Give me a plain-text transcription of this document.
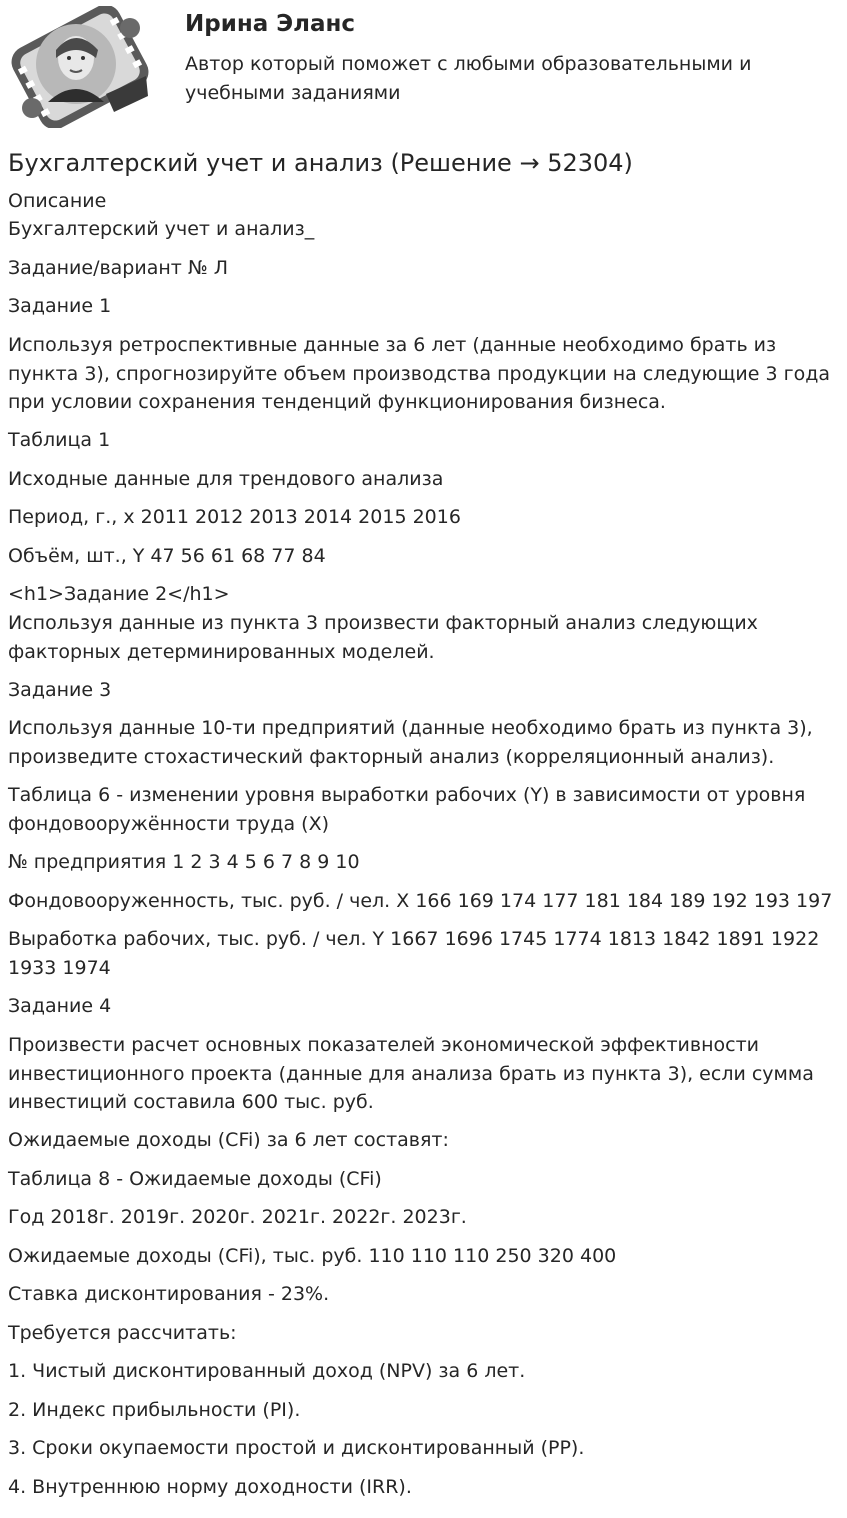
Ирина Эланс

Автор который поможет с любыми образовательными и учебными заданиями

Бухгалтерский учет и анализ (Решение → 52304)

Описание

Бухгалтерский учет и анализ_

Задание/вариант № Л

Задание 1

Используя ретроспективные данные за 6 лет (данные необходимо брать из пункта 3), спрогнозируйте объем производства продукции на следующие 3 года при условии сохранения тенденций функционирования бизнеса.

Таблица 1

Исходные данные для трендового анализа

Период, г., x 2011 2012 2013 2014 2015 2016

Объём, шт., Y 47 56 61 68 77 84

<h1>Задание 2</h1>

Используя данные из пункта 3 произвести факторный анализ следующих факторных детерминированных моделей.

Задание 3

Используя данные 10-ти предприятий (данные необходимо брать из пункта 3), произведите стохастический факторный анализ (корреляционный анализ).

Таблица 6 - изменении уровня выработки рабочих (Y) в зависимости от уровня фондовооружённости труда (X)

№ предприятия 1 2 3 4 5 6 7 8 9 10

Фондовооруженность, тыс. руб. / чел. X 166 169 174 177 181 184 189 192 193 197

Выработка рабочих, тыс. руб. / чел. Y 1667 1696 1745 1774 1813 1842 1891 1922 1933 1974

Задание 4

Произвести расчет основных показателей экономической эффективности инвестиционного проекта (данные для анализа брать из пункта 3), если сумма инвестиций составила 600 тыс. руб.

Ожидаемые доходы (CFi) за 6 лет составят:

Таблица 8 - Ожидаемые доходы (CFi)

Год 2018г. 2019г. 2020г. 2021г. 2022г. 2023г.

Ожидаемые доходы (CFi), тыс. руб. 110 110 110 250 320 400

Ставка дисконтирования - 23%.

Требуется рассчитать:

1. Чистый дисконтированный доход (NPV) за 6 лет.

2. Индекс прибыльности (PI).

3. Сроки окупаемости простой и дисконтированный (PP).

4. Внутреннюю норму доходности (IRR).
